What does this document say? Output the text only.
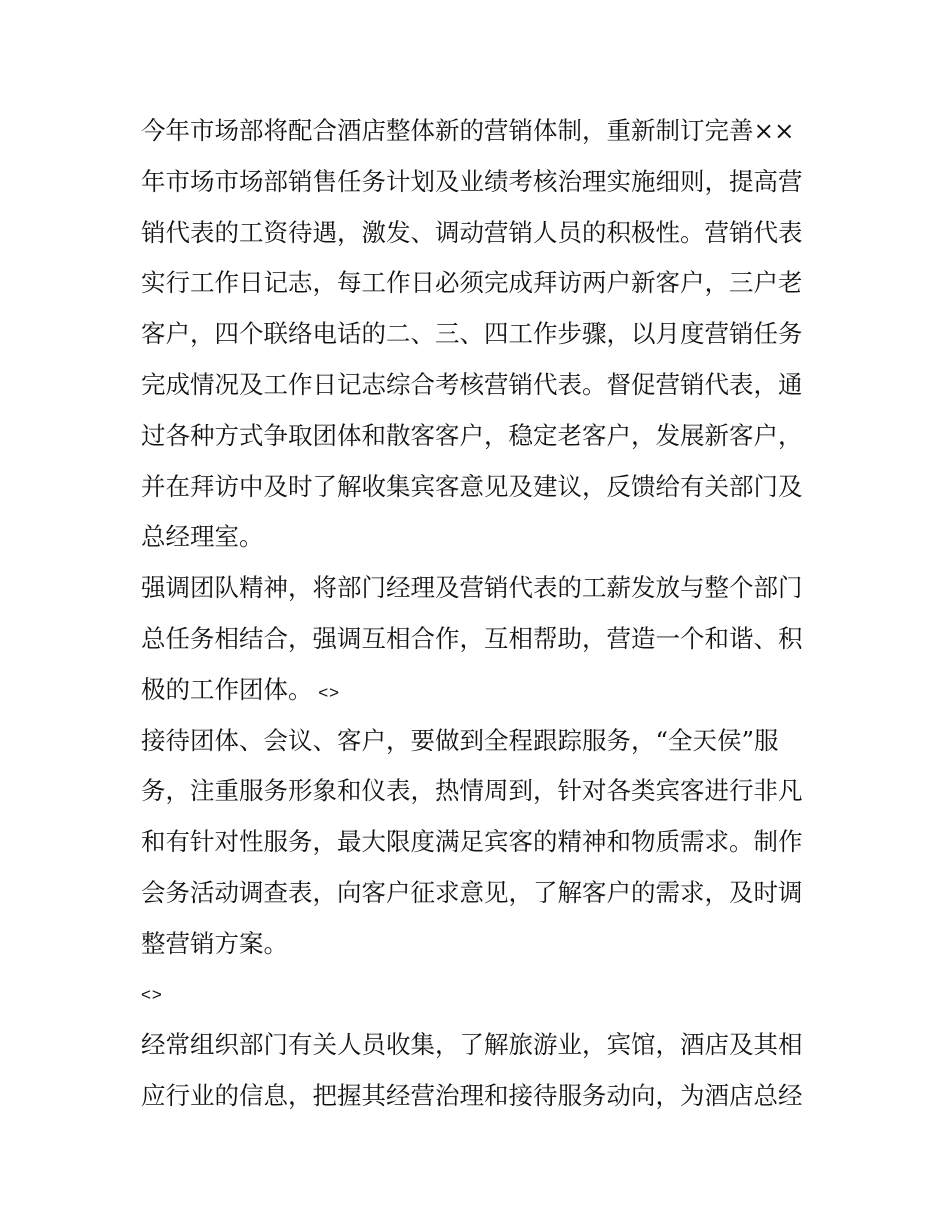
今年市场部将配合酒店整体新的营销体制，重新制订完善××
年市场市场部销售任务计划及业绩考核治理实施细则，提高营
销代表的工资待遇，激发、调动营销人员的积极性。营销代表
实行工作日记志，每工作日必须完成拜访两户新客户，三户老
客户，四个联络电话的二、三、四工作步骤，以月度营销任务
完成情况及工作日记志综合考核营销代表。督促营销代表，通
过各种方式争取团体和散客客户，稳定老客户，发展新客户，
并在拜访中及时了解收集宾客意见及建议，反馈给有关部门及
总经理室。
强调团队精神，将部门经理及营销代表的工薪发放与整个部门
总任务相结合，强调互相合作，互相帮助，营造一个和谐、积
极的工作团体。 <>
接待团体、会议、客户，要做到全程跟踪服务，“全天侯”服
务，注重服务形象和仪表，热情周到，针对各类宾客进行非凡
和有针对性服务，最大限度满足宾客的精神和物质需求。制作
会务活动调查表，向客户征求意见，了解客户的需求，及时调
整营销方案。
<>
经常组织部门有关人员收集，了解旅游业，宾馆，酒店及其相
应行业的信息，把握其经营治理和接待服务动向，为酒店总经
